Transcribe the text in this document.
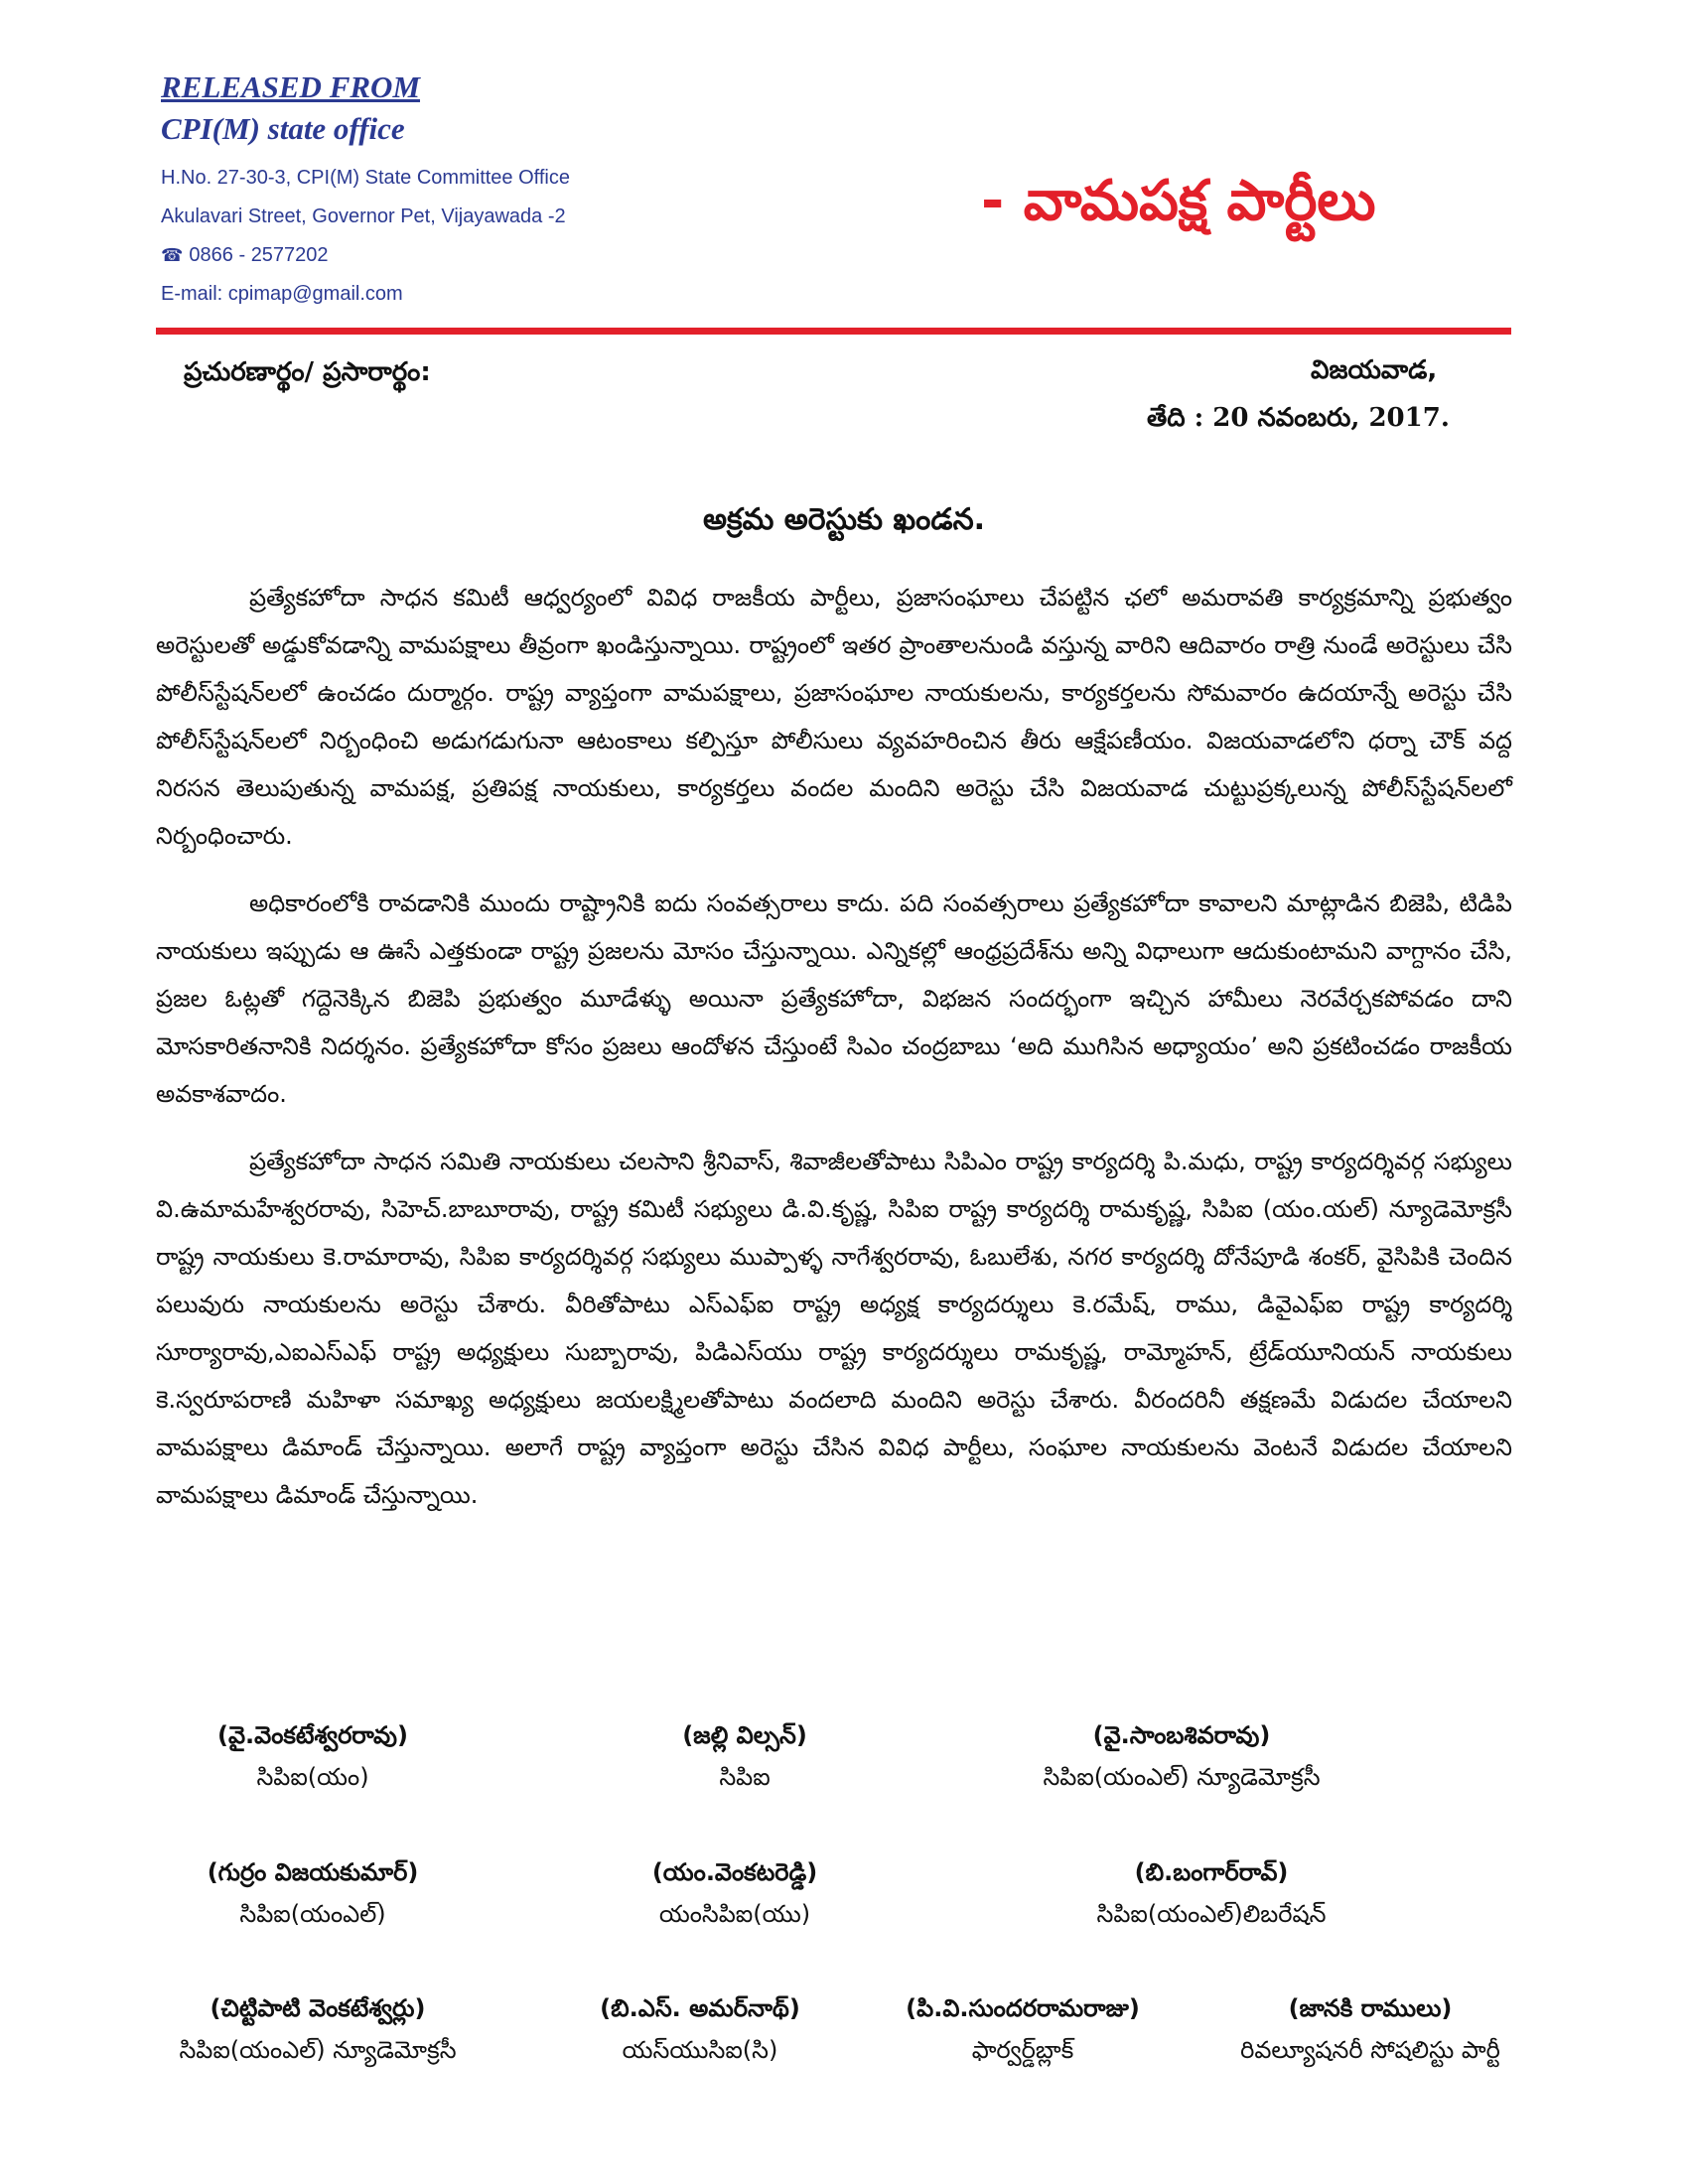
RELEASED FROM
CPI(M) state office
H.No. 27-30-3, CPI(M) State Committee Office
Akulavari Street, Governor Pet, Vijayawada -2
☎ 0866 - 2577202
E-mail: cpimap@gmail.com
- వామపక్ష పార్టీలు
ప్రచురణార్థం/ ప్రసారార్థం:	విజయవాడ,
తేది : 20 నవంబరు, 2017.
అక్రమ అరెస్టుకు ఖండన.

ప్రత్యేకహోదా సాధన కమిటీ ఆధ్వర్యంలో వివిధ రాజకీయ పార్టీలు, ప్రజాసంఘాలు చేపట్టిన ఛలో అమరావతి కార్యక్రమాన్ని ప్రభుత్వం అరెస్టులతో అడ్డుకోవడాన్ని వామపక్షాలు తీవ్రంగా ఖండిస్తున్నాయి. రాష్ట్రంలో ఇతర ప్రాంతాలనుండి వస్తున్న వారిని ఆదివారం రాత్రి నుండే అరెస్టులు చేసి పోలీస్‌స్టేషన్‌లలో ఉంచడం దుర్మార్గం. రాష్ట్ర వ్యాప్తంగా వామపక్షాలు, ప్రజాసంఘాల నాయకులను, కార్యకర్తలను సోమవారం ఉదయాన్నే అరెస్టు చేసి పోలీస్‌స్టేషన్‌లలో నిర్బంధించి అడుగడుగునా ఆటంకాలు కల్పిస్తూ పోలీసులు వ్యవహరించిన తీరు ఆక్షేపణీయం. విజయవాడలోని ధర్నా చౌక్‌ వద్ద నిరసన తెలుపుతున్న వామపక్ష, ప్రతిపక్ష నాయకులు, కార్యకర్తలు వందల మందిని అరెస్టు చేసి విజయవాడ చుట్టుప్రక్కలున్న పోలీస్‌స్టేషన్‌లలో నిర్బంధించారు.

అధికారంలోకి రావడానికి ముందు రాష్ట్రానికి ఐదు సంవత్సరాలు కాదు. పది సంవత్సరాలు ప్రత్యేకహోదా కావాలని మాట్లాడిన బిజెపి, టిడిపి నాయకులు ఇప్పుడు ఆ ఊసే ఎత్తకుండా రాష్ట్ర ప్రజలను మోసం చేస్తున్నాయి. ఎన్నికల్లో ఆంధ్రప్రదేశ్‌ను అన్ని విధాలుగా ఆదుకుంటామని వాగ్దానం చేసి, ప్రజల ఓట్లతో గద్దెనెక్కిన బిజెపి ప్రభుత్వం మూడేళ్ళు అయినా ప్రత్యేకహోదా, విభజన సందర్భంగా ఇచ్చిన హామీలు నెరవేర్చకపోవడం దాని మోసకారితనానికి నిదర్శనం. ప్రత్యేకహోదా కోసం ప్రజలు ఆందోళన చేస్తుంటే సిఎం చంద్రబాబు ‘అది ముగిసిన అధ్యాయం’ అని ప్రకటించడం రాజకీయ అవకాశవాదం.

ప్రత్యేకహోదా సాధన సమితి నాయకులు చలసాని శ్రీనివాస్‌, శివాజీలతోపాటు సిపిఎం రాష్ట్ర కార్యదర్శి పి.మధు, రాష్ట్ర కార్యదర్శివర్గ సభ్యులు వి.ఉమామహేశ్వరరావు, సిహెచ్‌.బాబూరావు, రాష్ట్ర కమిటీ సభ్యులు డి.వి.కృష్ణ, సిపిఐ రాష్ట్ర కార్యదర్శి రామకృష్ణ, సిపిఐ (యం.యల్‌) న్యూడెమోక్రసీ రాష్ట్ర నాయకులు కె.రామారావు, సిపిఐ కార్యదర్శివర్గ సభ్యులు ముప్పాళ్ళ నాగేశ్వరరావు, ఓబులేశు, నగర కార్యదర్శి దోనేపూడి శంకర్‌, వైసిపికి చెందిన పలువురు నాయకులను అరెస్టు చేశారు. వీరితోపాటు ఎస్‌ఎఫ్‌ఐ రాష్ట్ర అధ్యక్ష కార్యదర్శులు కె.రమేష్‌, రాము, డివైఎఫ్‌ఐ రాష్ట్ర కార్యదర్శి సూర్యారావు,ఎఐఎస్‌ఎఫ్‌ రాష్ట్ర అధ్యక్షులు సుబ్బారావు, పిడిఎస్‌యు రాష్ట్ర కార్యదర్శులు రామకృష్ణ, రామ్మోహన్‌, ట్రేడ్‌యూనియన్‌ నాయకులు కె.స్వరూపరాణి మహిళా సమాఖ్య అధ్యక్షులు జయలక్ష్మిలతోపాటు వందలాది మందిని అరెస్టు చేశారు. వీరందరినీ తక్షణమే విడుదల చేయాలని వామపక్షాలు డిమాండ్‌ చేస్తున్నాయి. అలాగే రాష్ట్ర వ్యాప్తంగా అరెస్టు చేసిన వివిధ పార్టీలు, సంఘాల నాయకులను వెంటనే విడుదల చేయాలని వామపక్షాలు డిమాండ్‌ చేస్తున్నాయి.

(వై.వెంకటేశ్వరరావు)
సిపిఐ(యం)
(జల్లి విల్సన్‌)
సిపిఐ
(వై.సాంబశివరావు)
సిపిఐ(యంఎల్‌) న్యూడెమోక్రసీ
(గుర్రం విజయకుమార్‌)
సిపిఐ(యంఎల్‌)
(యం.వెంకటరెడ్డి)
యంసిపిఐ(యు)
(బి.బంగార్‌రావ్‌)
సిపిఐ(యంఎల్‌)లిబరేషన్‌
(చిట్టిపాటి వెంకటేశ్వర్లు)
సిపిఐ(యంఎల్‌) న్యూడెమోక్రసీ
(బి.ఎస్‌. అమర్‌నాథ్‌)
యస్‌యుసిఐ(సి)
(పి.వి.సుందరరామరాజు)
ఫార్వర్డ్‌బ్లాక్‌
(జానకి రాములు)
రివల్యూషనరీ సోషలిస్టు పార్టీ
